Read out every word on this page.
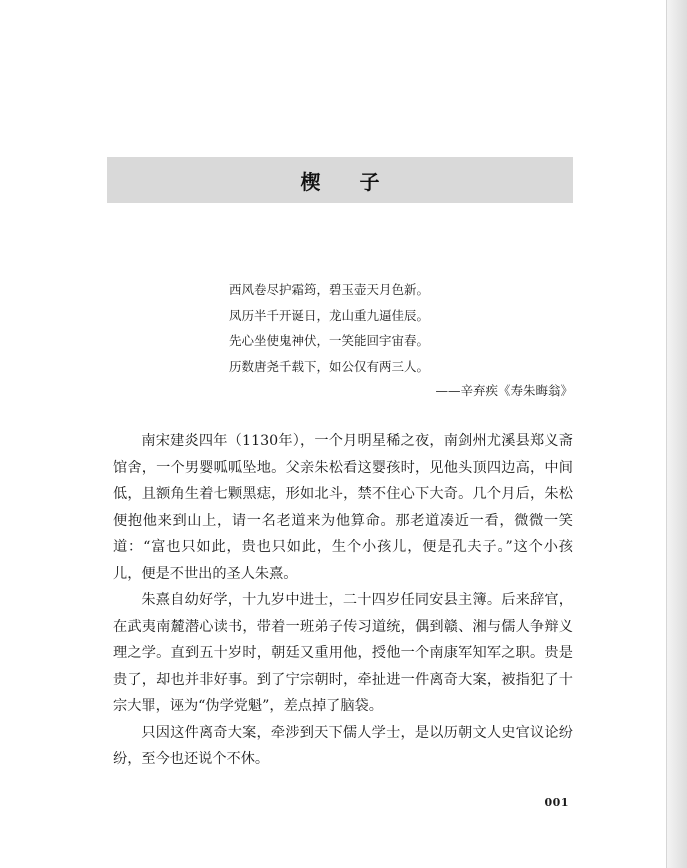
楔 子
西风卷尽护霜筠，碧玉壶天月色新。
凤历半千开诞日，龙山重九逼佳辰。
先心坐使鬼神伏，一笑能回宇宙春。
历数唐尧千载下，如公仅有两三人。
——辛弃疾《寿朱晦翁》

南宋建炎四年（1130年），一个月明星稀之夜，南剑州尤溪县郑义斋馆舍，一个男婴呱呱坠地。父亲朱松看这婴孩时，见他头顶四边高，中间低，且额角生着七颗黑痣，形如北斗，禁不住心下大奇。几个月后，朱松便抱他来到山上，请一名老道来为他算命。那老道凑近一看，微微一笑道：“富也只如此，贵也只如此，生个小孩儿，便是孔夫子。”这个小孩儿，便是不世出的圣人朱熹。

朱熹自幼好学，十九岁中进士，二十四岁任同安县主簿。后来辞官，在武夷南麓潜心读书，带着一班弟子传习道统，偶到赣、湘与儒人争辩义理之学。直到五十岁时，朝廷又重用他，授他一个南康军知军之职。贵是贵了，却也并非好事。到了宁宗朝时，牵扯进一件离奇大案，被指犯了十宗大罪，诬为“伪学党魁”，差点掉了脑袋。

只因这件离奇大案，牵涉到天下儒人学士，是以历朝文人史官议论纷纷，至今也还说个不休。

001
